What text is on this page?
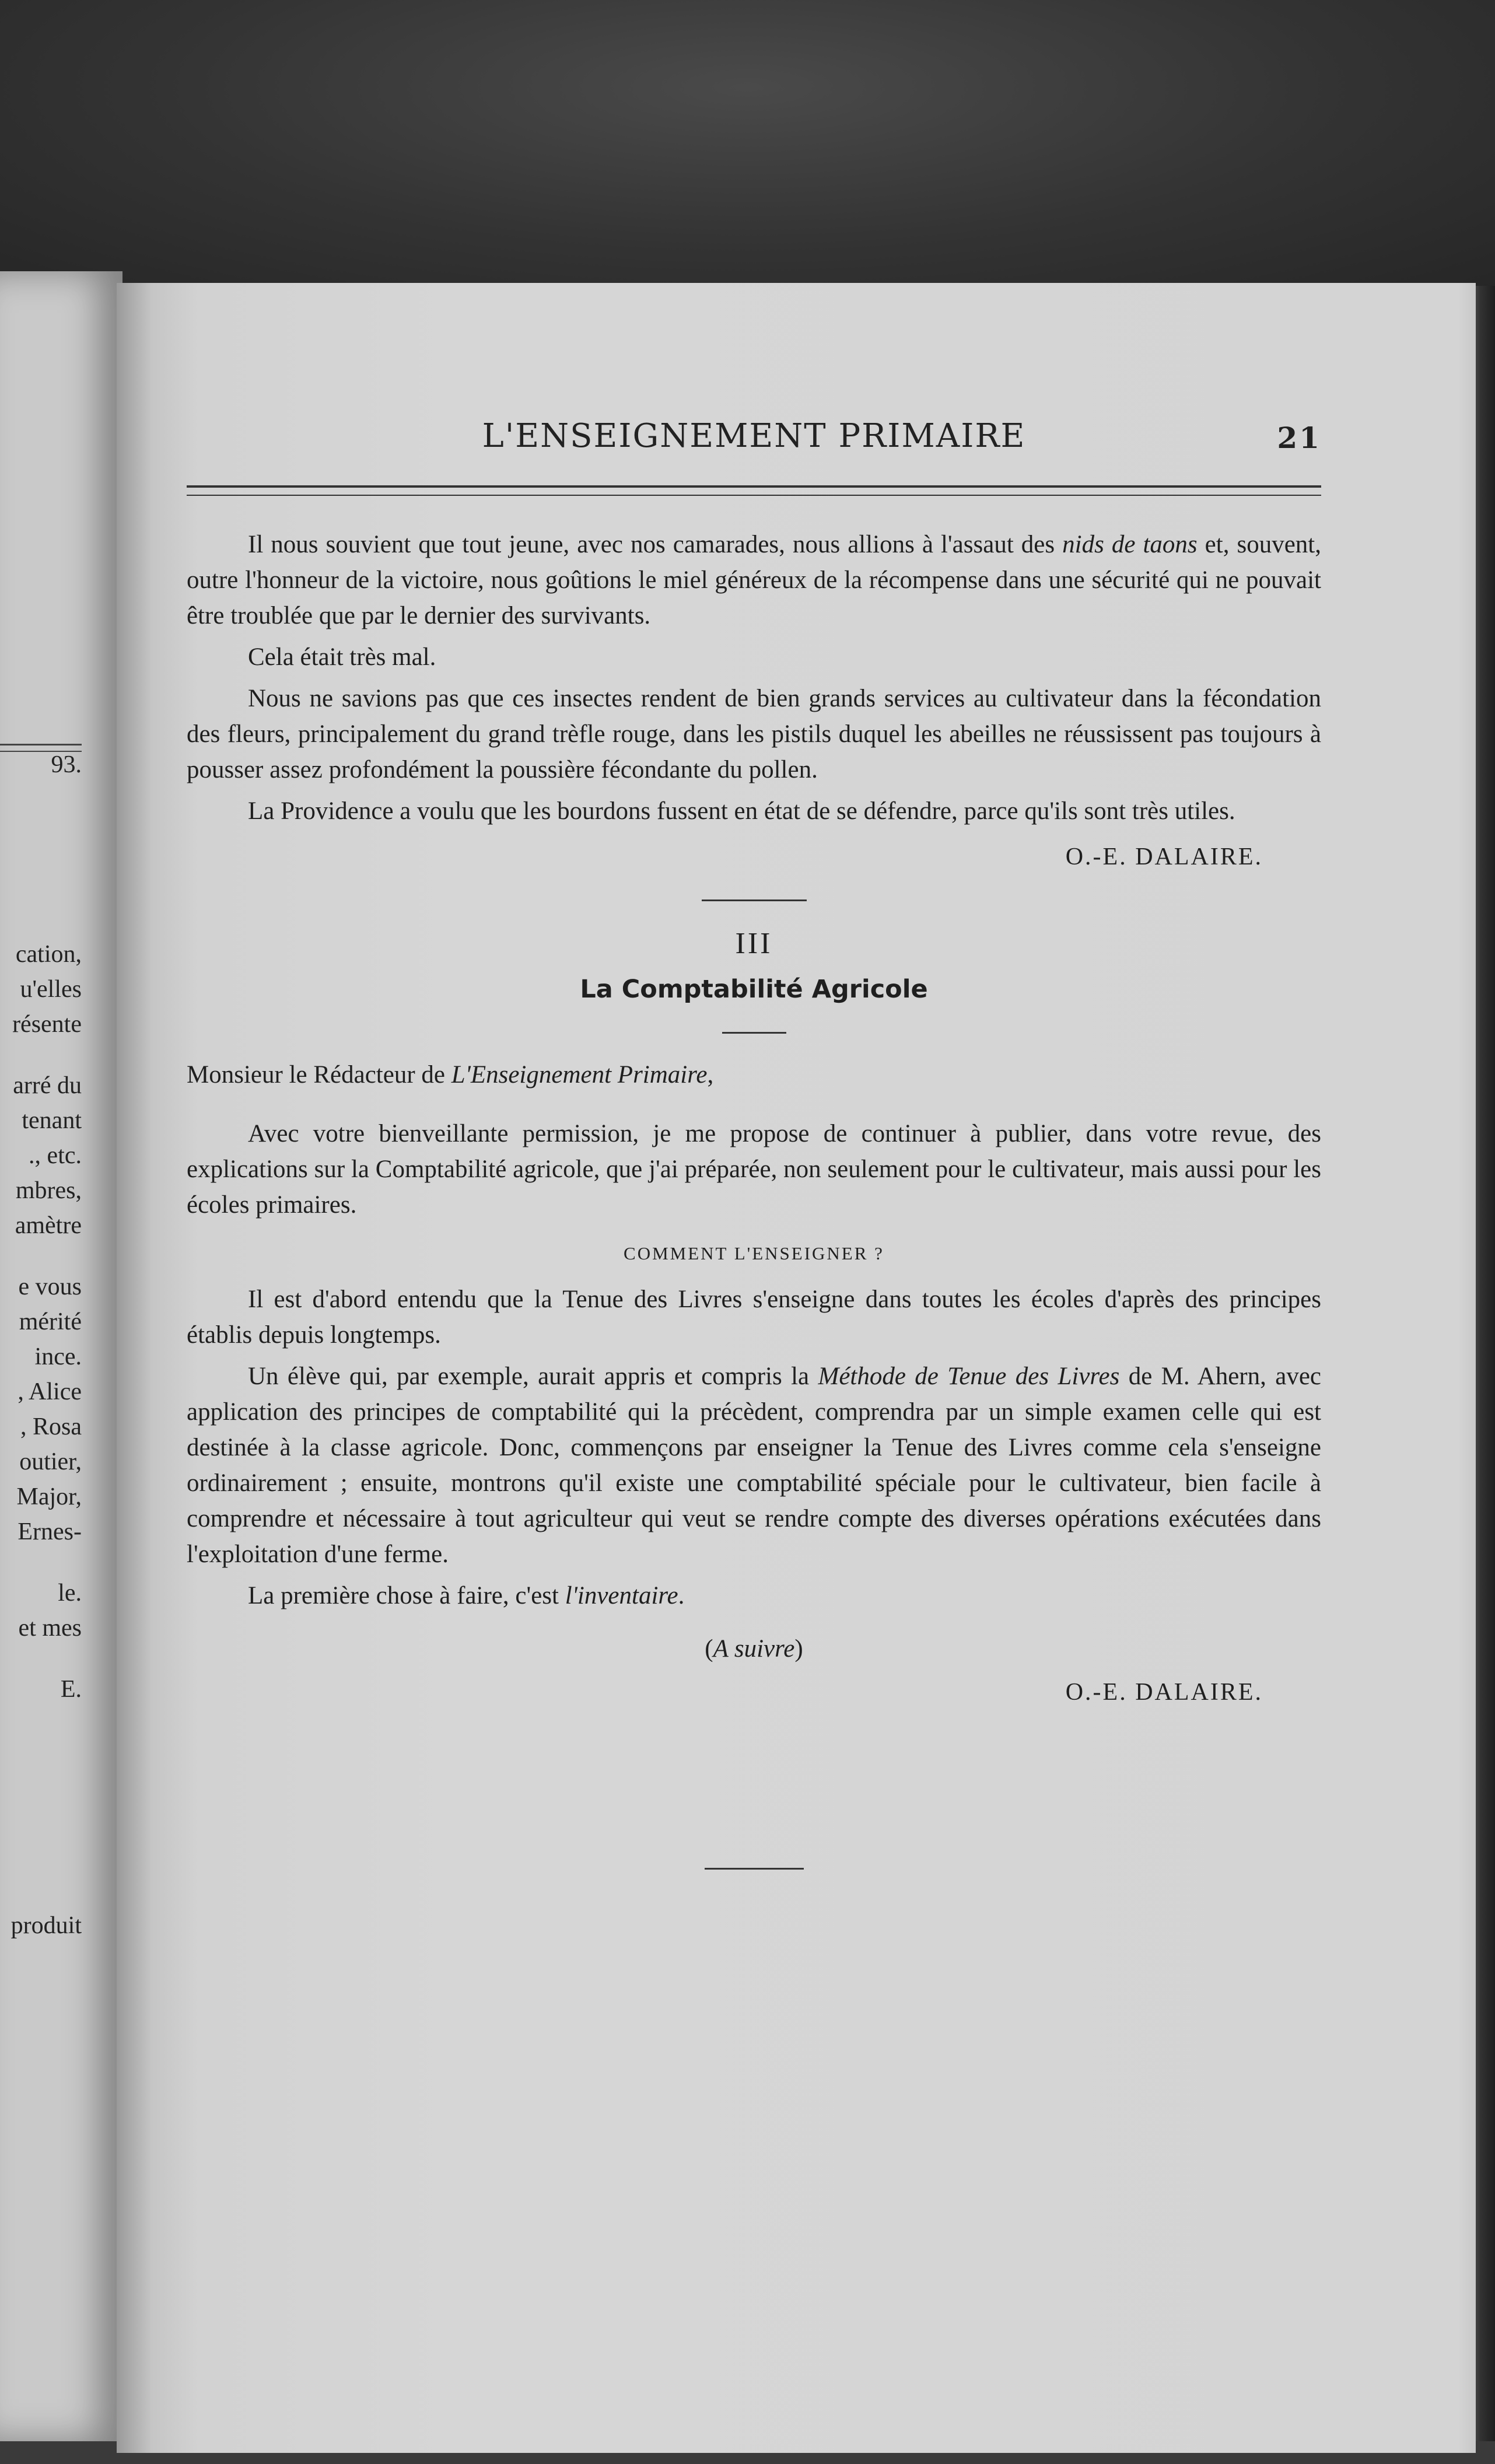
93.
cation,
u'elles
résente
arré du
tenant
., etc.
mbres,
amètre
e vous
mérité
ince.
, Alice
, Rosa
outier,
Major,
Ernes-
le.
et mes
E.
produit
L'ENSEIGNEMENT PRIMAIRE	21

Il nous souvient que tout jeune, avec nos camarades, nous allions à l'assaut des nids de taons et, souvent, outre l'honneur de la victoire, nous goûtions le miel généreux de la récompense dans une sécurité qui ne pouvait être troublée que par le dernier des survivants.

Cela était très mal.

Nous ne savions pas que ces insectes rendent de bien grands services au cultivateur dans la fécondation des fleurs, principalement du grand trèfle rouge, dans les pistils duquel les abeilles ne réussissent pas toujours à pousser assez profondément la poussière fécondante du pollen.

La Providence a voulu que les bourdons fussent en état de se défendre, parce qu'ils sont très utiles.

O.-E. DALAIRE.
III
La Comptabilité Agricole

Monsieur le Rédacteur de L'Enseignement Primaire,

Avec votre bienveillante permission, je me propose de continuer à publier, dans votre revue, des explications sur la Comptabilité agricole, que j'ai préparée, non seulement pour le cultivateur, mais aussi pour les écoles primaires.

COMMENT L'ENSEIGNER ?

Il est d'abord entendu que la Tenue des Livres s'enseigne dans toutes les écoles d'après des principes établis depuis longtemps.

Un élève qui, par exemple, aurait appris et compris la Méthode de Tenue des Livres de M. Ahern, avec application des principes de comptabilité qui la précèdent, comprendra par un simple examen celle qui est destinée à la classe agricole. Donc, commençons par enseigner la Tenue des Livres comme cela s'enseigne ordinairement ; ensuite, montrons qu'il existe une comptabilité spéciale pour le cultivateur, bien facile à comprendre et nécessaire à tout agriculteur qui veut se rendre compte des diverses opérations exécutées dans l'exploitation d'une ferme.

La première chose à faire, c'est l'inventaire.

(A suivre)
O.-E. DALAIRE.
